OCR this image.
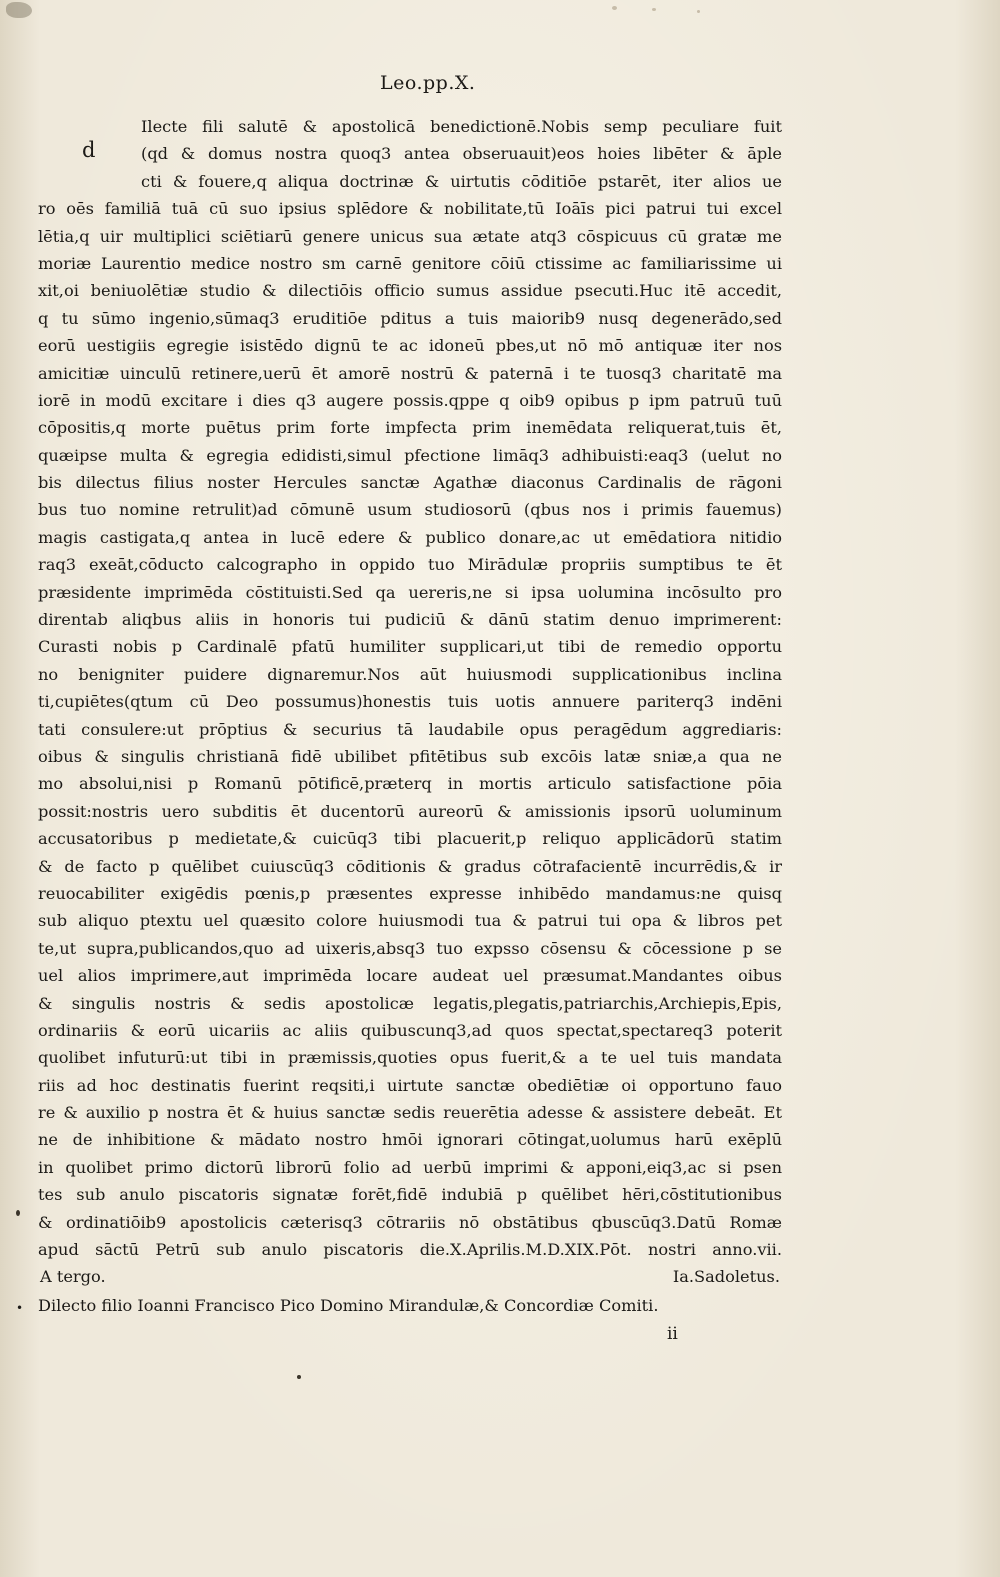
Leo.pp.X.
d
Ilecte fili salutē & apostolicā benedictionē.Nobis semp peculiare fuit
(qd & domus nostra quoq3 antea obseruauit)eos hoies libēter & āple
cti & fouere,q aliqua doctrinæ & uirtutis cōditiōe pstarēt, iter alios ue
ro oēs familiā tuā cū suo ipsius splēdore & nobilitate,tū Ioāīs pici patrui tui excel
lētia,q uir multiplici sciētiarū genere unicus sua ætate atq3 cōspicuus cū gratæ me
moriæ Laurentio medice nostro sm carnē genitore cōiū ctissime ac familiarissime ui
xit,oi beniuolētiæ studio & dilectiōis officio sumus assidue psecuti.Huc itē accedit,
q tu sūmo ingenio,sūmaq3 eruditiōe pditus a tuis maiorib9 nusq degenerādo,sed
eorū uestigiis egregie isistēdo dignū te ac idoneū pbes,ut nō mō antiquæ iter nos
amicitiæ uinculū retinere,uerū ēt amorē nostrū & paternā i te tuosq3 charitatē ma
iorē in modū excitare i dies q3 augere possis.qppe q oib9 opibus p ipm patruū tuū
cōpositis,q morte puētus prim forte impfecta prim inemēdata reliquerat,tuis ēt,
quæipse multa & egregia edidisti,simul pfectione limāq3 adhibuisti:eaq3 (uelut no
bis dilectus filius noster Hercules sanctæ Agathæ diaconus Cardinalis de rāgoni
bus tuo nomine retrulit)ad cōmunē usum studiosorū (qbus nos i primis fauemus)
magis castigata,q antea in lucē edere & publico donare,ac ut emēdatiora nitidio
raq3 exeāt,cōducto calcographo in oppido tuo Mirādulæ propriis sumptibus te ēt
præsidente imprimēda cōstituisti.Sed qa uereris,ne si ipsa uolumina incōsulto pro
direntab aliqbus aliis in honoris tui pudiciū & dānū statim denuo imprimerent:
Curasti nobis p Cardinalē pfatū humiliter supplicari,ut tibi de remedio opportu
no benigniter puidere dignaremur.Nos aūt huiusmodi supplicationibus inclina
ti,cupiētes(qtum cū Deo possumus)honestis tuis uotis annuere pariterq3 indēni
tati consulere:ut prōptius & securius tā laudabile opus peragēdum aggrediaris:
oibus & singulis christianā fidē ubilibet pfitētibus sub excōis latæ sniæ,a qua ne
mo absolui,nisi p Romanū pōtificē,præterq in mortis articulo satisfactione pōia
possit:nostris uero subditis ēt ducentorū aureorū & amissionis ipsorū uoluminum
accusatoribus p medietate,& cuicūq3 tibi placuerit,p reliquo applicādorū statim
& de facto p quēlibet cuiuscūq3 cōditionis & gradus cōtrafacientē incurrēdis,& ir
reuocabiliter exigēdis pœnis,p præsentes expresse inhibēdo mandamus:ne quisq
sub aliquo ptextu uel quæsito colore huiusmodi tua & patrui tui opa & libros pet
te,ut supra,publicandos,quo ad uixeris,absq3 tuo expsso cōsensu & cōcessione p se
uel alios imprimere,aut imprimēda locare audeat uel præsumat.Mandantes oibus
& singulis nostris & sedis apostolicæ legatis,plegatis,patriarchis,Archiepis,Epis,
ordinariis & eorū uicariis ac aliis quibuscunq3,ad quos spectat,spectareq3 poterit
quolibet infuturū:ut tibi in præmissis,quoties opus fuerit,& a te uel tuis mandata
riis ad hoc destinatis fuerint reqsiti,i uirtute sanctæ obediētiæ oi opportuno fauo
re & auxilio p nostra ēt & huius sanctæ sedis reuerētia adesse & assistere debeāt. Et
ne de inhibitione & mādato nostro hmōi ignorari cōtingat,uolumus harū exēplū
in quolibet primo dictorū librorū folio ad uerbū imprimi & apponi,eiq3,ac si psen
tes sub anulo piscatoris signatæ forēt,fidē indubiā p quēlibet hēri,cōstitutionibus
& ordinatiōib9 apostolicis cæterisq3 cōtrariis nō obstātibus qbuscūq3.Datū Romæ
apud sāctū Petrū sub anulo piscatoris die.X.Aprilis.M.D.XIX.Pōt. nostri anno.vii.
A tergo.	Ia.Sadoletus.
• Dilecto filio Ioanni Francisco Pico Domino Mirandulæ,& Concordiæ Comiti.
ii
